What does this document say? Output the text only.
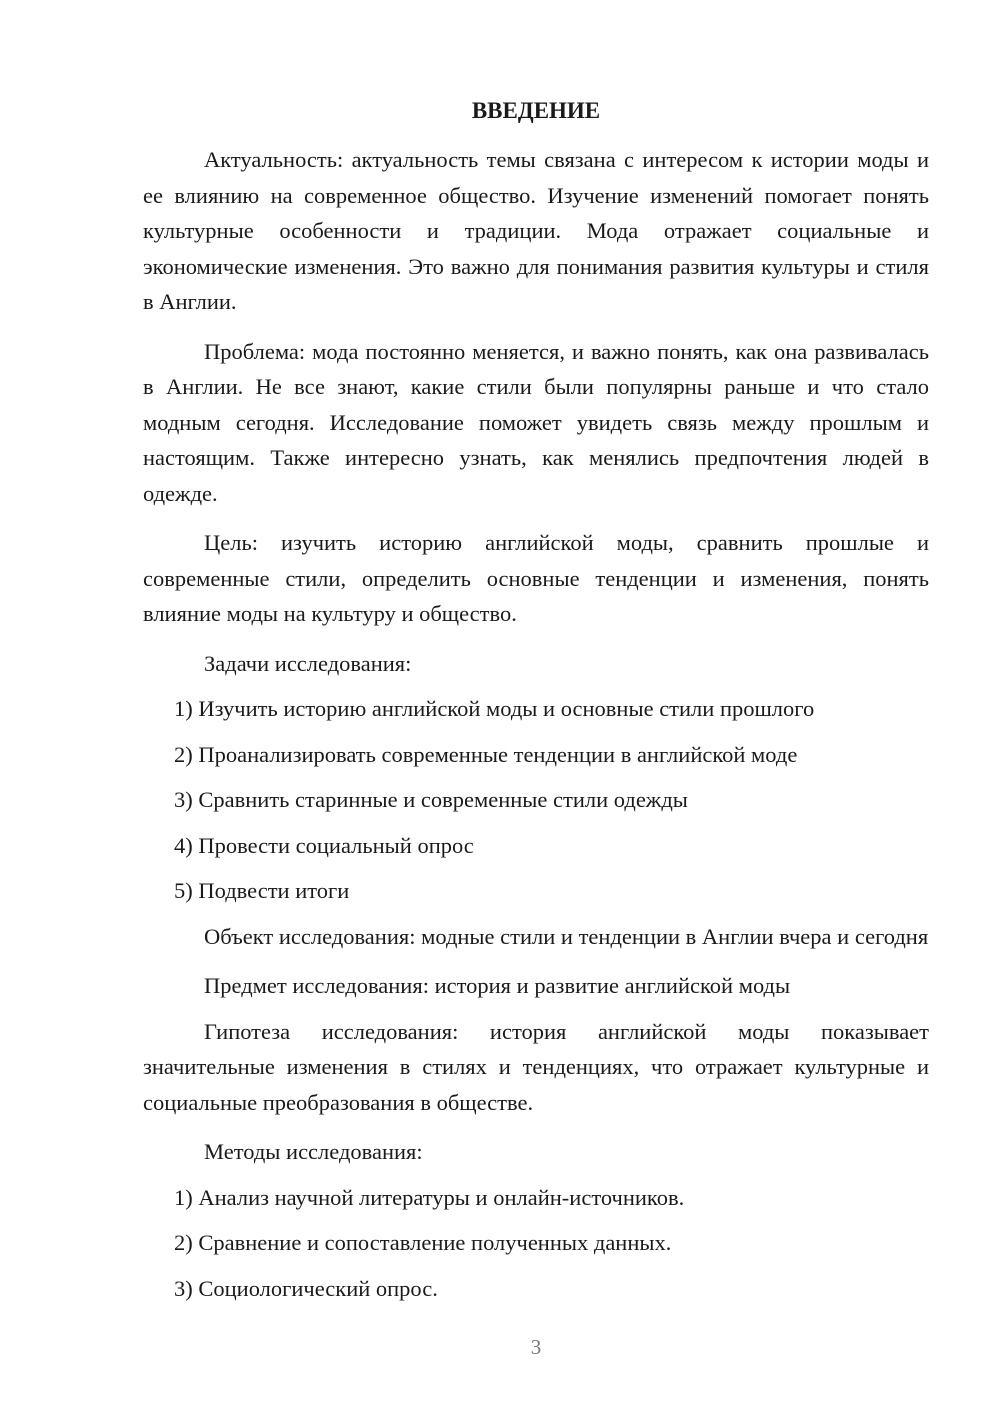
ВВЕДЕНИЕ

Актуальность: актуальность темы связана с интересом к истории моды и ее влиянию на современное общество. Изучение изменений помогает понять культурные особенности и традиции. Мода отражает социальные и экономические изменения. Это важно для понимания развития культуры и стиля в Англии.

Проблема: мода постоянно меняется, и важно понять, как она развивалась в Англии. Не все знают, какие стили были популярны раньше и что стало модным сегодня. Исследование поможет увидеть связь между прошлым и настоящим. Также интересно узнать, как менялись предпочтения людей в одежде.

Цель: изучить историю английской моды, сравнить прошлые и современные стили, определить основные тенденции и изменения, понять влияние моды на культуру и общество.

Задачи исследования:

1) Изучить историю английской моды и основные стили прошлого

2) Проанализировать современные тенденции в английской моде

3) Сравнить старинные и современные стили одежды

4) Провести социальный опрос

5) Подвести итоги

Объект исследования: модные стили и тенденции в Англии вчера и сегодня

Предмет исследования: история и развитие английской моды

Гипотеза исследования: история английской моды показывает значительные изменения в стилях и тенденциях, что отражает культурные и социальные преобразования в обществе.

Методы исследования:

1) Анализ научной литературы и онлайн-источников.

2) Сравнение и сопоставление полученных данных.

3) Социологический опрос.

3
